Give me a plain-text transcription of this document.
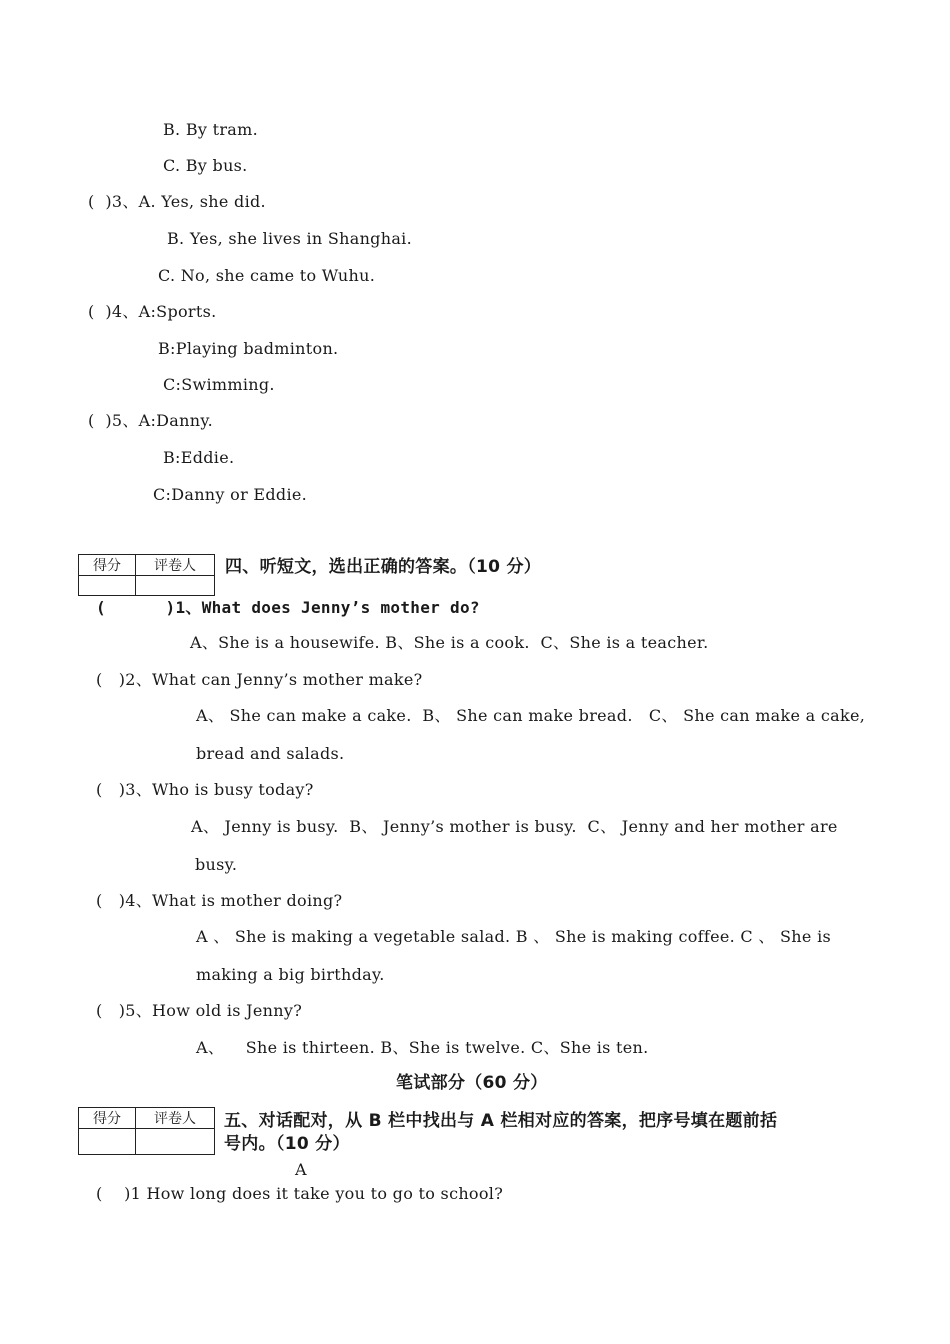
B. By tram.
C. By bus.
(  )3、A. Yes, she did.
B. Yes, she lives in Shanghai.
C. No, she came to Wuhu.
(  )4、A:Sports.
B:Playing badminton.
C:Swimming.
(  )5、A:Danny.
B:Eddie.
C:Danny or Eddie.
得分	评卷人
	四、听短文，选出正确的答案。（10 分）
(      )1、What does Jenny’s mother do?
A、She is a housewife. B、She is a cook.  C、She is a teacher.
(   )2、What can Jenny’s mother make?
A、 She can make a cake.  B、 She can make bread.   C、 She can make a cake,
bread and salads.
(   )3、Who is busy today?
A、 Jenny is busy.  B、 Jenny’s mother is busy.  C、 Jenny and her mother are
busy.
(   )4、What is mother doing?
A 、 She is making a vegetable salad. B 、 She is making coffee. C 、 She is
making a big birthday.
(   )5、How old is Jenny?
A、    She is thirteen. B、She is twelve. C、She is ten.
笔试部分（60 分）
得分	评卷人
	五、对话配对，从 B 栏中找出与 A 栏相对应的答案，把序号填在题前括
号内。（10 分）
A
(    )1 How long does it take you to go to school?
